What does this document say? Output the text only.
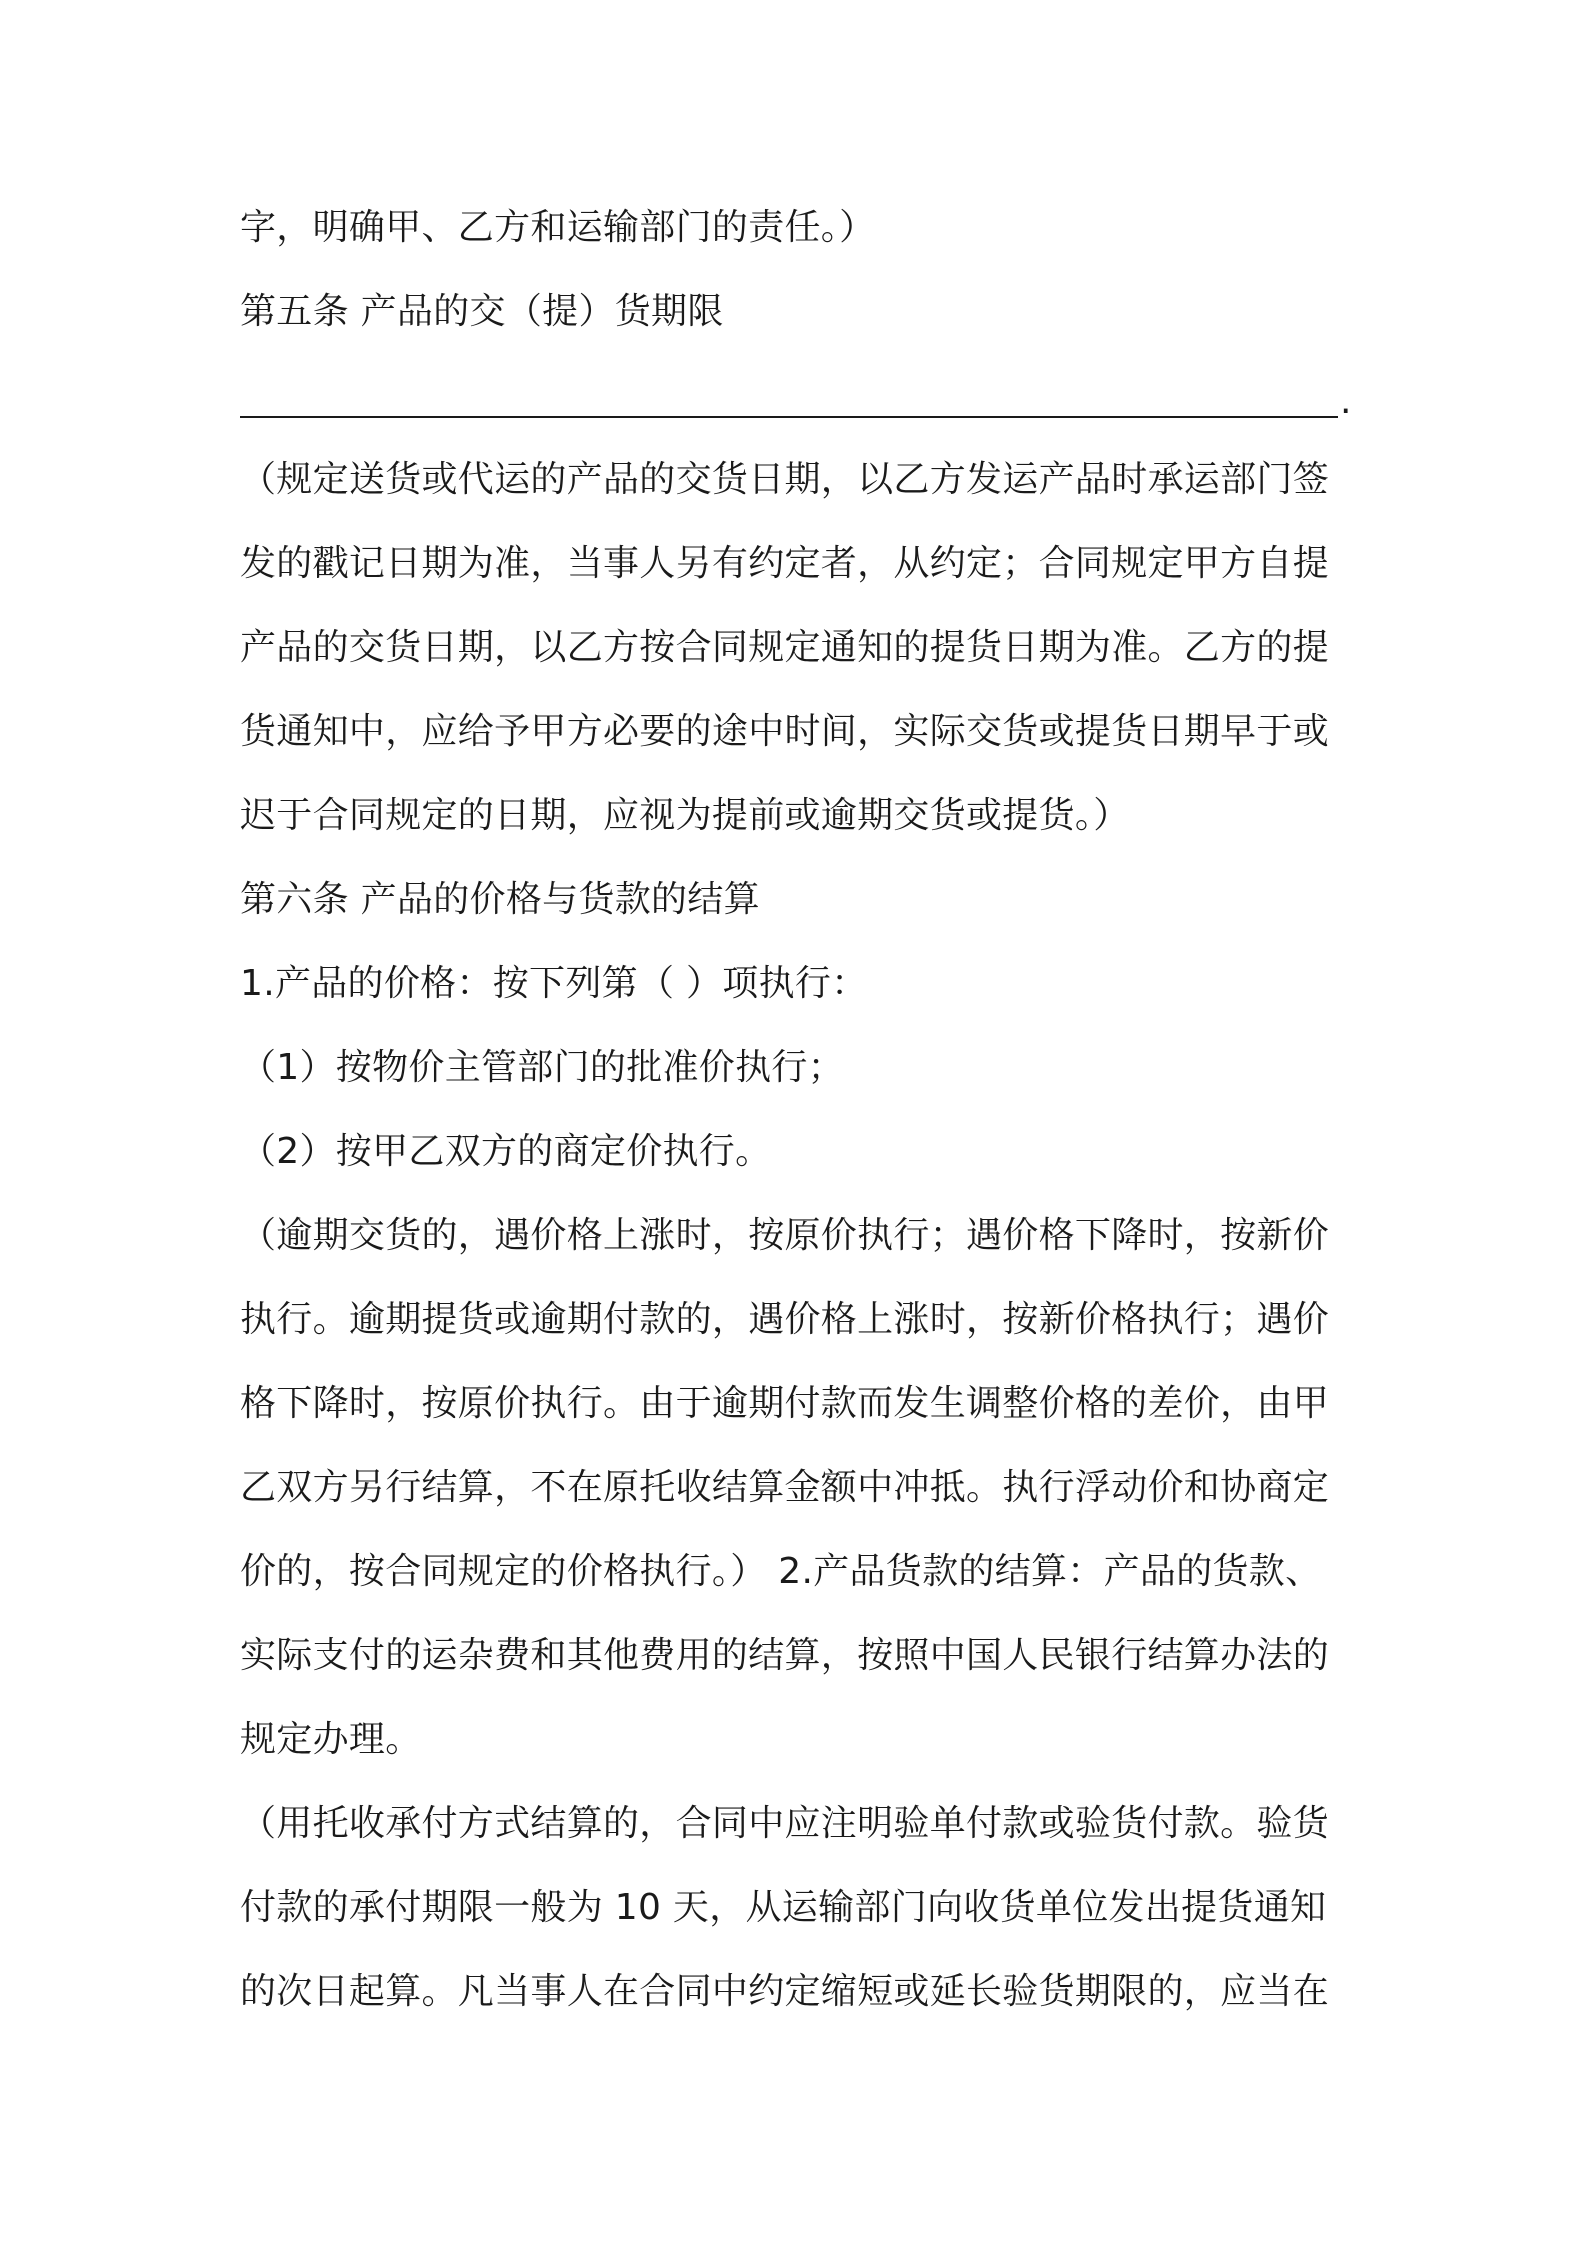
字，明确甲、乙方和运输部门的责任。）
第五条 产品的交（提）货期限
.
（规定送货或代运的产品的交货日期，以乙方发运产品时承运部门签
发的戳记日期为准，当事人另有约定者，从约定；合同规定甲方自提
产品的交货日期，以乙方按合同规定通知的提货日期为准。乙方的提
货通知中，应给予甲方必要的途中时间，实际交货或提货日期早于或
迟于合同规定的日期，应视为提前或逾期交货或提货。）
第六条 产品的价格与货款的结算
1.产品的价格：按下列第（ ）项执行：
（1）按物价主管部门的批准价执行；
（2）按甲乙双方的商定价执行。
（逾期交货的，遇价格上涨时，按原价执行；遇价格下降时，按新价
执行。逾期提货或逾期付款的，遇价格上涨时，按新价格执行；遇价
格下降时，按原价执行。由于逾期付款而发生调整价格的差价，由甲
乙双方另行结算，不在原托收结算金额中冲抵。执行浮动价和协商定
价的，按合同规定的价格执行。） 2.产品货款的结算：产品的货款、
实际支付的运杂费和其他费用的结算，按照中国人民银行结算办法的
规定办理。
（用托收承付方式结算的，合同中应注明验单付款或验货付款。验货
付款的承付期限一般为 10 天，从运输部门向收货单位发出提货通知
的次日起算。凡当事人在合同中约定缩短或延长验货期限的，应当在
